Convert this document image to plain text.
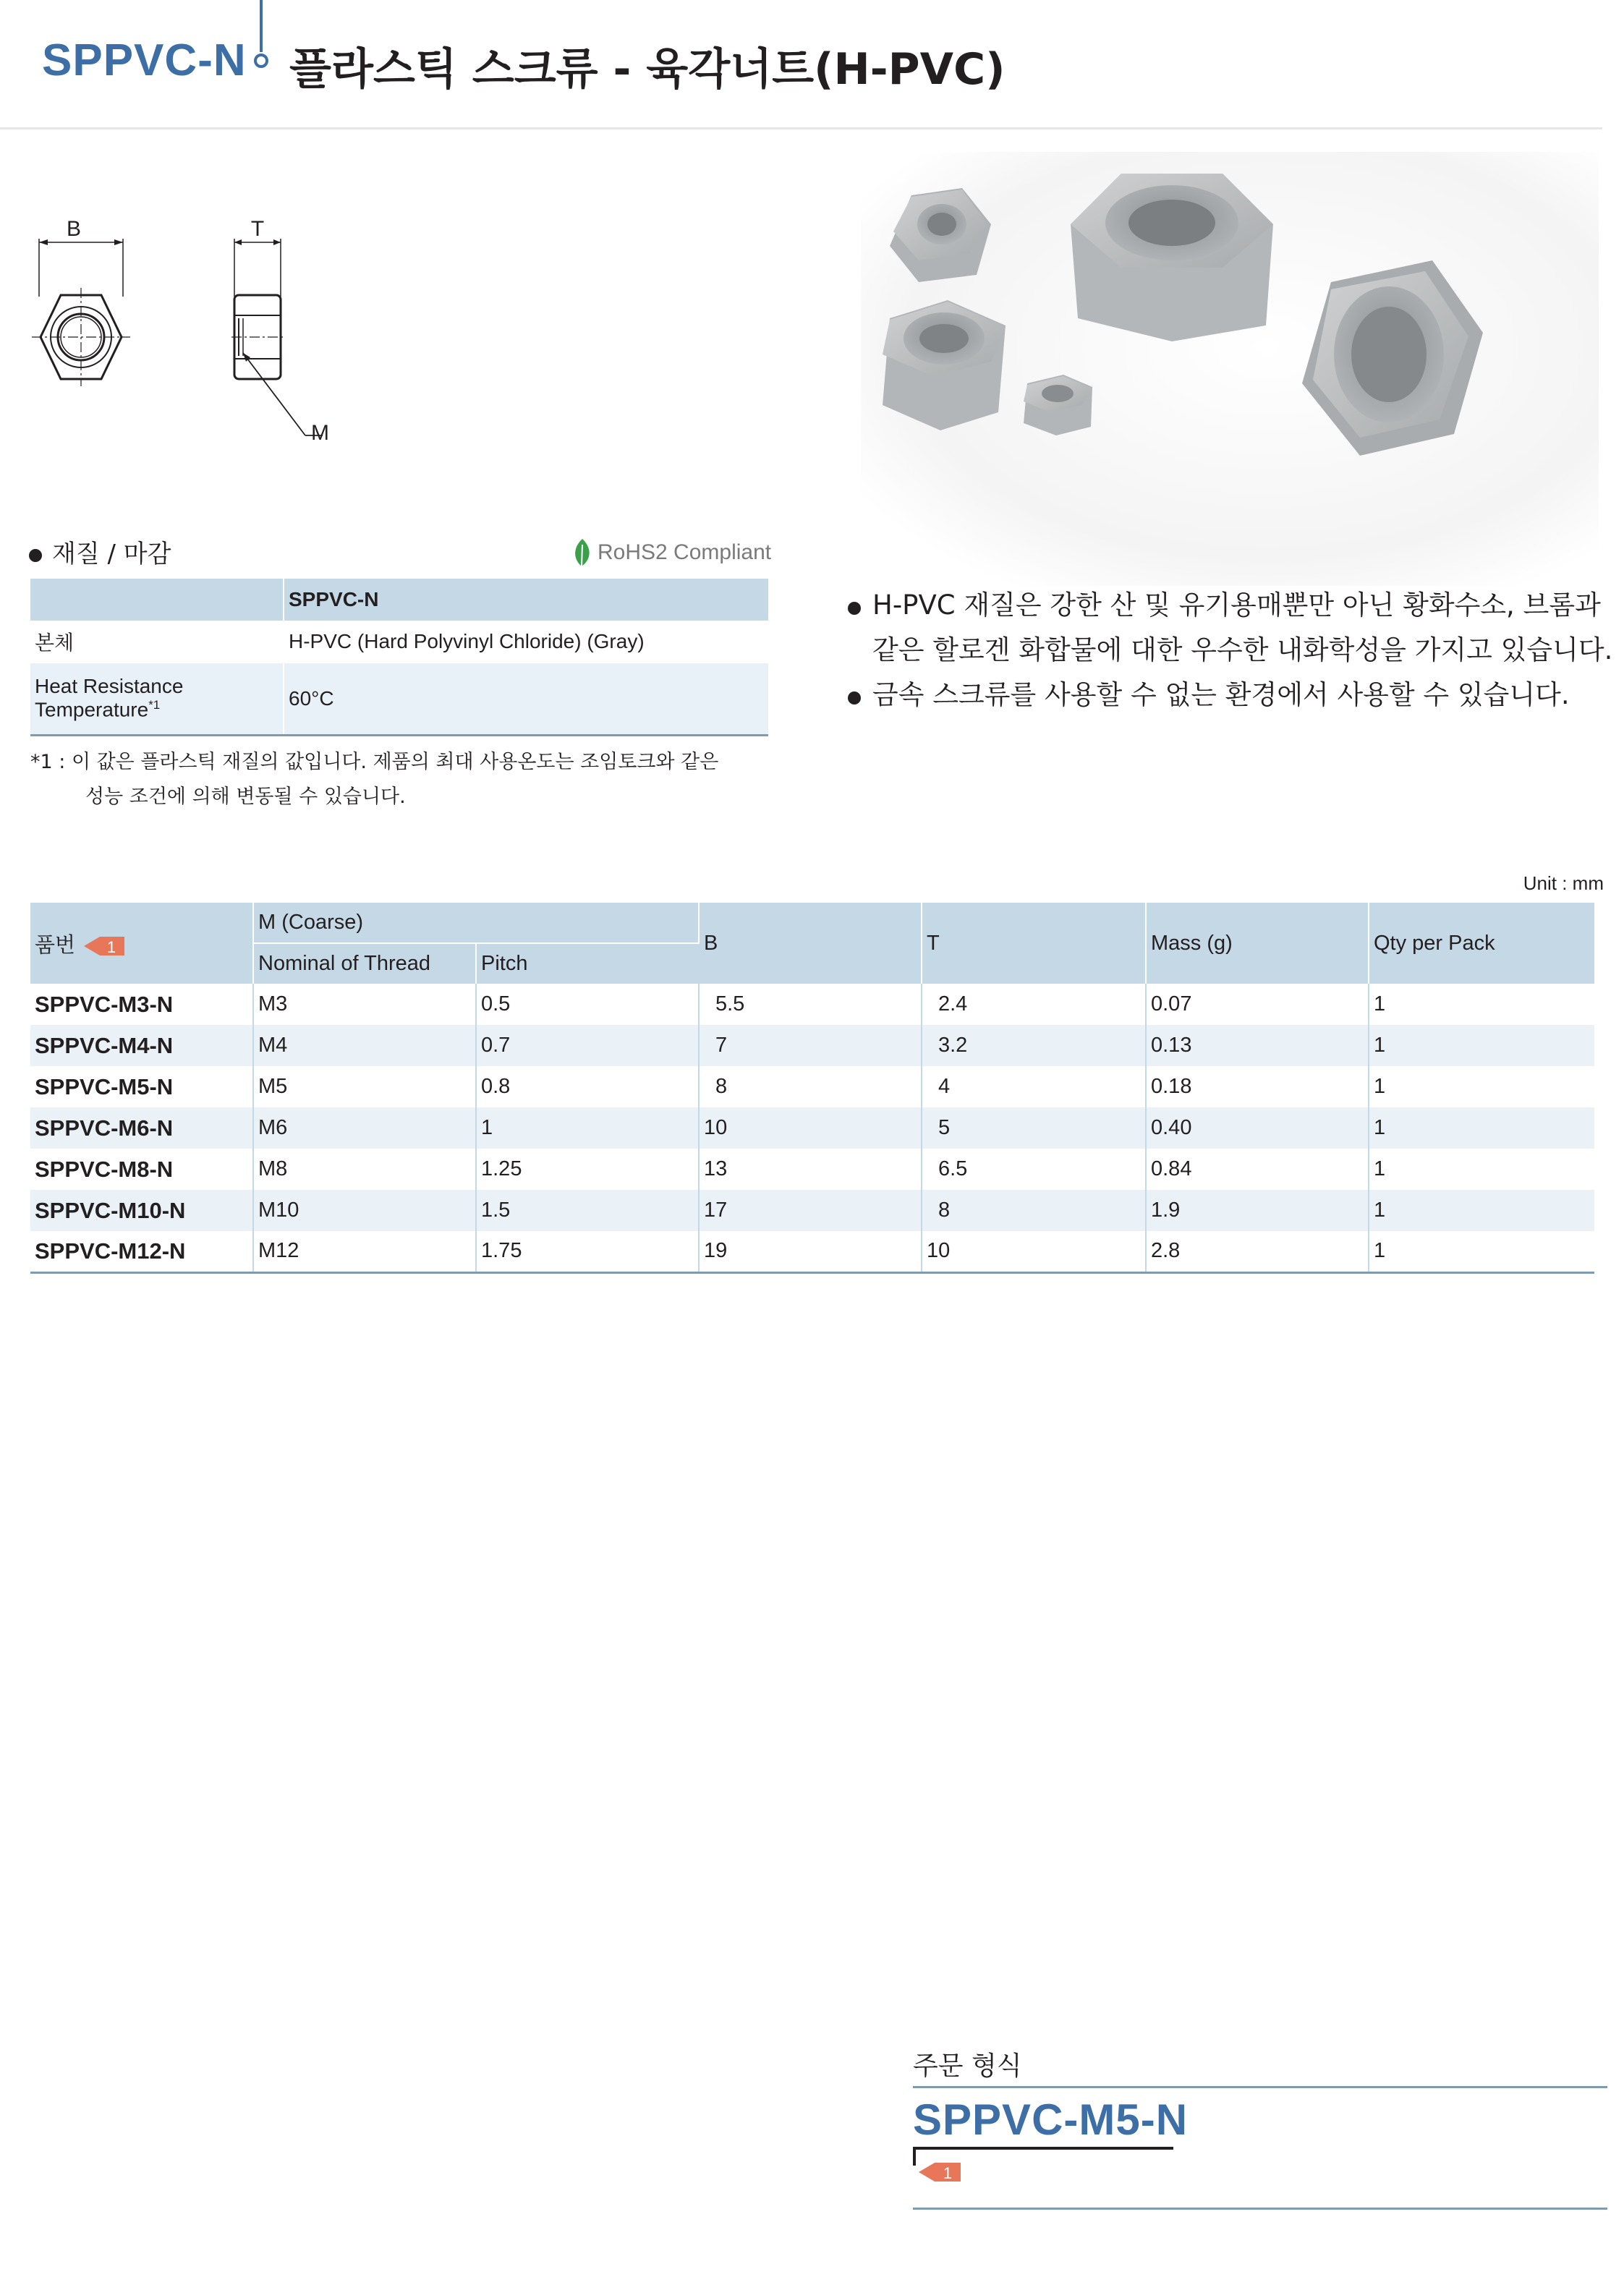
SPPVC-N 플라스틱 스크류 - 육각너트(H-PVC)
B	T
M
재질 / 마감	RoHS2 Compliant
	SPPVC-N
본체	H-PVC (Hard Polyvinyl Chloride) (Gray)
Heat Resistance
Temperature$^{*1}$	60°C
*1 : 이 값은 플라스틱 재질의 값입니다. 제품의 최대 사용온도는 조임토크와 같은
성능 조건에 의해 변동될 수 있습니다.
H-PVC 재질은 강한 산 및 유기용매뿐만 아닌 황화수소, 브롬과
같은 할로겐 화합물에 대한 우수한 내화학성을 가지고 있습니다.
금속 스크류를 사용할 수 없는 환경에서 사용할 수 있습니다.
Unit : mm
품번 1	M (Coarse)		B	T	Mass (g)	Qty per Pack
	Nominal of Thread	Pitch				
SPPVC-M3-N	M3	0.5	5.5	2.4	0.07	1
SPPVC-M4-N	M4	0.7	7	3.2	0.13	1
SPPVC-M5-N	M5	0.8	8	4	0.18	1
SPPVC-M6-N	M6	1	10	5	0.40	1
SPPVC-M8-N	M8	1.25	13	6.5	0.84	1
SPPVC-M10-N	M10	1.5	17	8	1.9	1
SPPVC-M12-N	M12	1.75	19	10	2.8	1
주문 형식
SPPVC-M5-N
1
